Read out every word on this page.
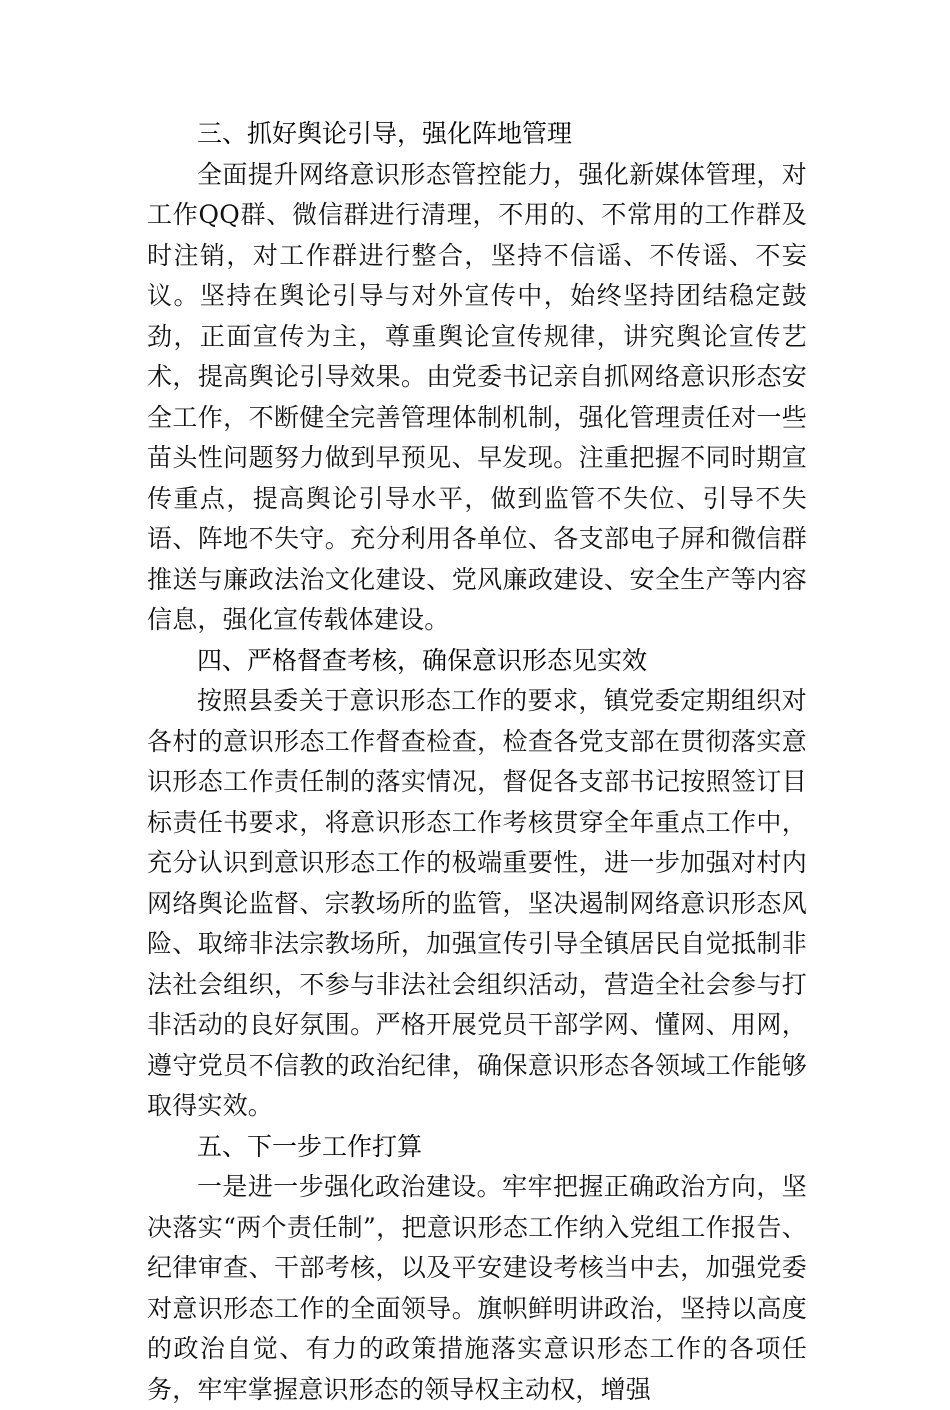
三、抓好舆论引导，强化阵地管理

全面提升网络意识形态管控能力，强化新媒体管理，对工作QQ群、微信群进行清理，不用的、不常用的工作群及时注销，对工作群进行整合，坚持不信谣、不传谣、不妄议。坚持在舆论引导与对外宣传中，始终坚持团结稳定鼓劲，正面宣传为主，尊重舆论宣传规律，讲究舆论宣传艺术，提高舆论引导效果。由党委书记亲自抓网络意识形态安全工作，不断健全完善管理体制机制，强化管理责任对一些苗头性问题努力做到早预见、早发现。注重把握不同时期宣传重点，提高舆论引导水平，做到监管不失位、引导不失语、阵地不失守。充分利用各单位、各支部电子屏和微信群推送与廉政法治文化建设、党风廉政建设、安全生产等内容信息，强化宣传载体建设。

四、严格督查考核，确保意识形态见实效

按照县委关于意识形态工作的要求，镇党委定期组织对各村的意识形态工作督查检查，检查各党支部在贯彻落实意识形态工作责任制的落实情况，督促各支部书记按照签订目标责任书要求，将意识形态工作考核贯穿全年重点工作中，充分认识到意识形态工作的极端重要性，进一步加强对村内网络舆论监督、宗教场所的监管，坚决遏制网络意识形态风险、取缔非法宗教场所，加强宣传引导全镇居民自觉抵制非法社会组织，不参与非法社会组织活动，营造全社会参与打非活动的良好氛围。严格开展党员干部学网、懂网、用网，遵守党员不信教的政治纪律，确保意识形态各领域工作能够取得实效。

五、下一步工作打算

一是进一步强化政治建设。牢牢把握正确政治方向，坚决落实“两个责任制”，把意识形态工作纳入党组工作报告、纪律审查、干部考核，以及平安建设考核当中去，加强党委对意识形态工作的全面领导。旗帜鲜明讲政治，坚持以高度的政治自觉、有力的政策措施落实意识形态工作的各项任务，牢牢掌握意识形态的领导权主动权，增强
